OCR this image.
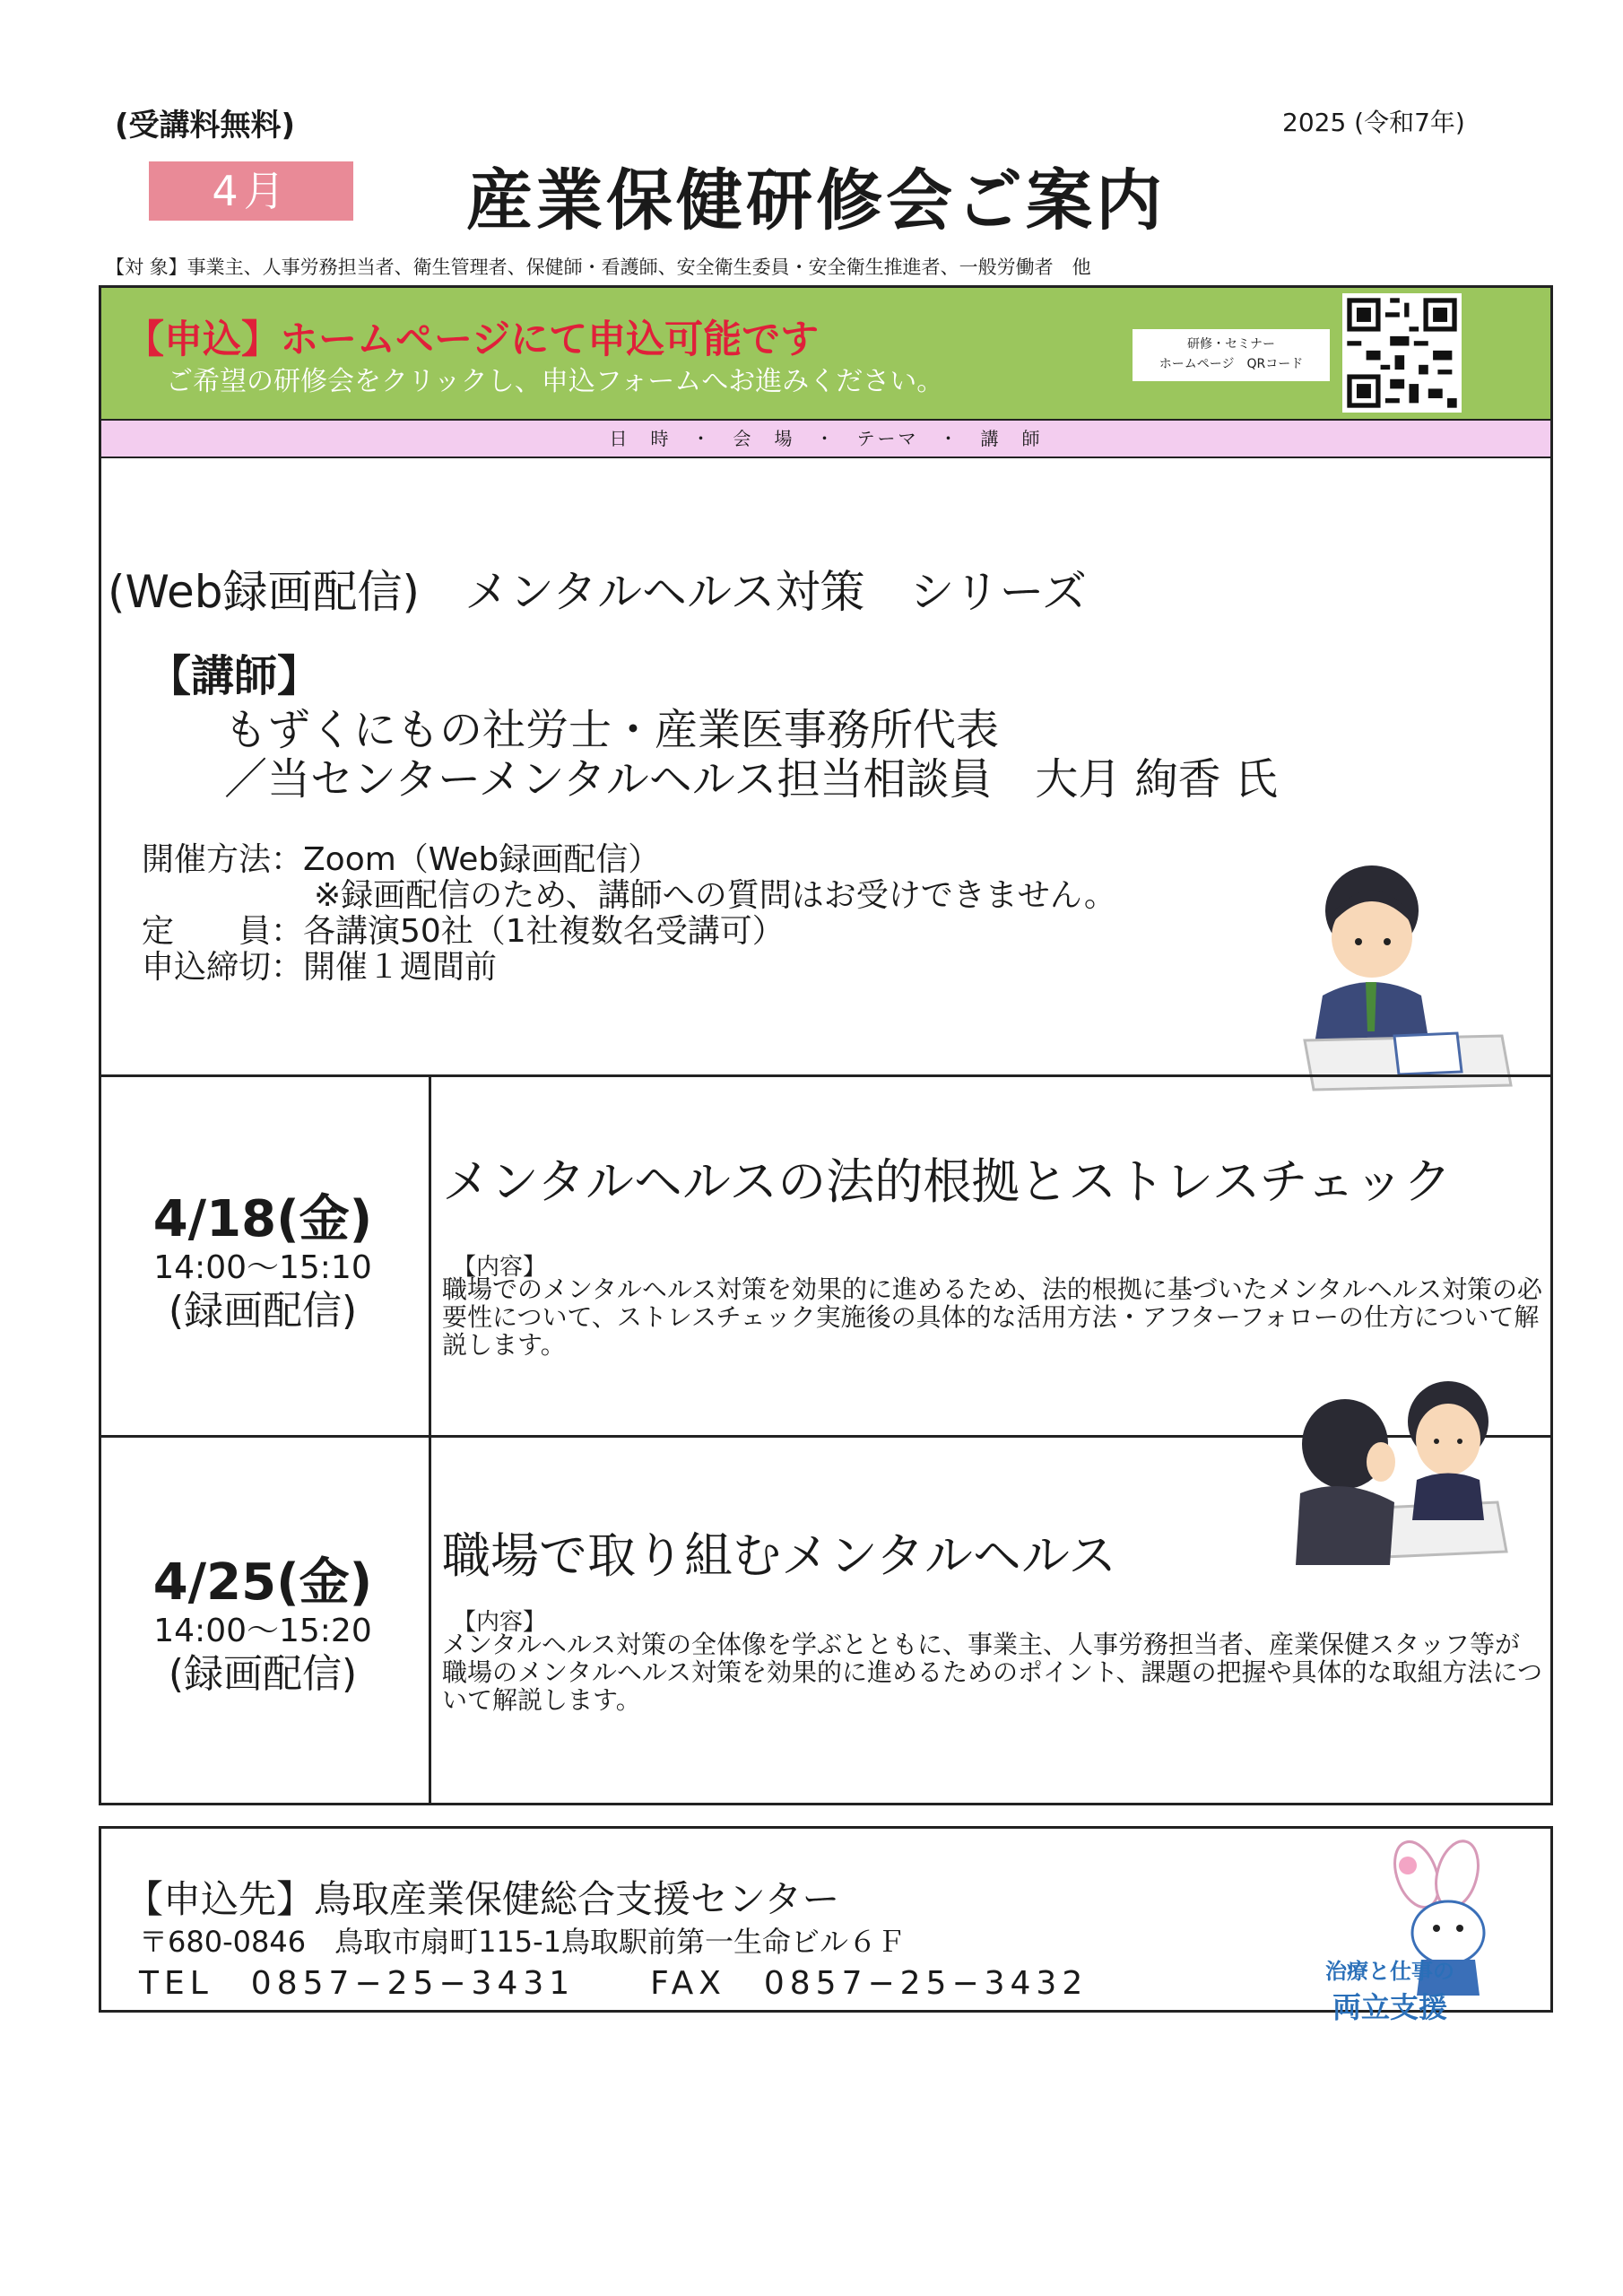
(受講料無料)	2025 (令和7年)
4月	産業保健研修会ご案内
【対 象】事業主、人事労務担当者、衛生管理者、保健師・看護師、安全衛生委員・安全衛生推進者、一般労働者　他
【申込】ホームページにて申込可能です
ご希望の研修会をクリックし、申込フォームへお進みください。
研修・セミナー
ホームページ　QRコード
日　時　・　会　場　・　テーマ　・　講　師
(Web録画配信)　メンタルヘルス対策　シリーズ
【講師】
もずくにもの社労士・産業医事務所代表
／当センターメンタルヘルス担当相談員　大月 絢香 氏
開催方法：Zoom（Web録画配信）
※録画配信のため、講師への質問はお受けできません。
定　　員：各講演50社（1社複数名受講可）
申込締切：開催１週間前
4/18(金)
14:00～15:10
(録画配信)
メンタルヘルスの法的根拠とストレスチェック
【内容】
職場でのメンタルヘルス対策を効果的に進めるため、法的根拠に基づいたメンタルヘルス対策の必要性について、ストレスチェック実施後の具体的な活用方法・アフターフォローの仕方について解説します。
4/25(金)
14:00～15:20
(録画配信)
職場で取り組むメンタルヘルス
【内容】
メンタルヘルス対策の全体像を学ぶとともに、事業主、人事労務担当者、産業保健スタッフ等が職場のメンタルヘルス対策を効果的に進めるためのポイント、課題の把握や具体的な取組方法について解説します。
【申込先】鳥取産業保健総合支援センター
〒680-0846　鳥取市扇町115-1鳥取駅前第一生命ビル６Ｆ
TEL　0857−25−3431　　FAX　0857−25−3432	治療と仕事の
両立支援
